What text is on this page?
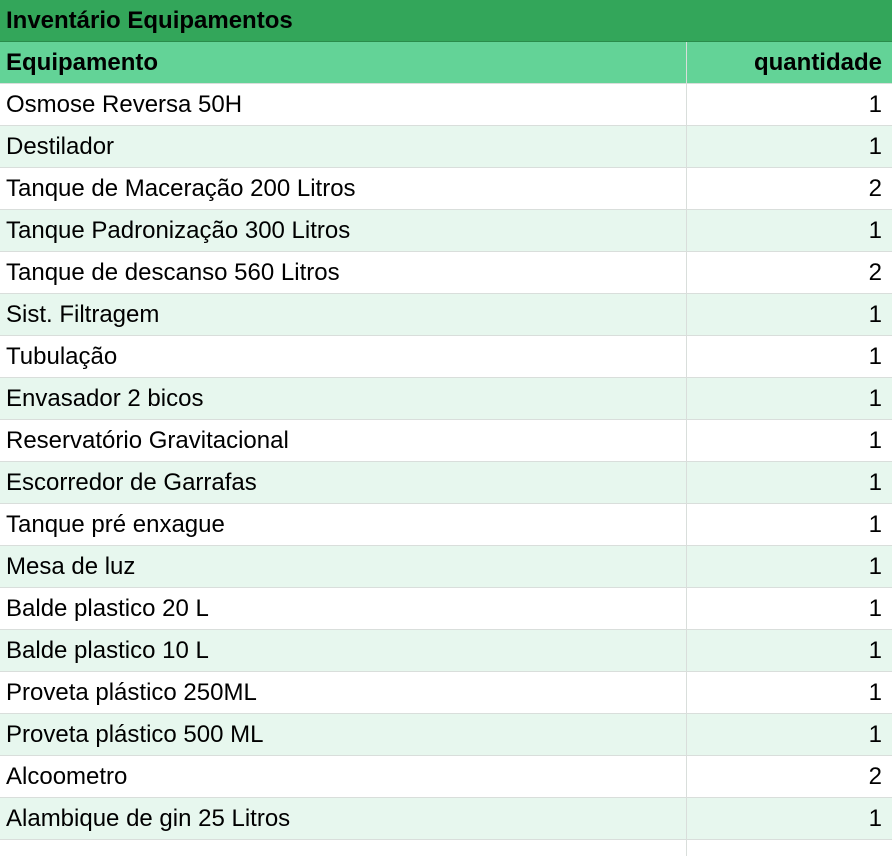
Inventário Equipamentos
Equipamento	quantidade
Osmose Reversa 50H	1
Destilador	1
Tanque de Maceração 200 Litros	2
Tanque Padronização 300 Litros	1
Tanque de descanso 560 Litros	2
Sist. Filtragem	1
Tubulação	1
Envasador 2 bicos	1
Reservatório Gravitacional	1
Escorredor de Garrafas	1
Tanque pré enxague	1
Mesa de luz	1
Balde plastico 20 L	1
Balde plastico 10 L	1
Proveta plástico 250ML	1
Proveta plástico 500 ML	1
Alcoometro	2
Alambique de gin 25 Litros	1
